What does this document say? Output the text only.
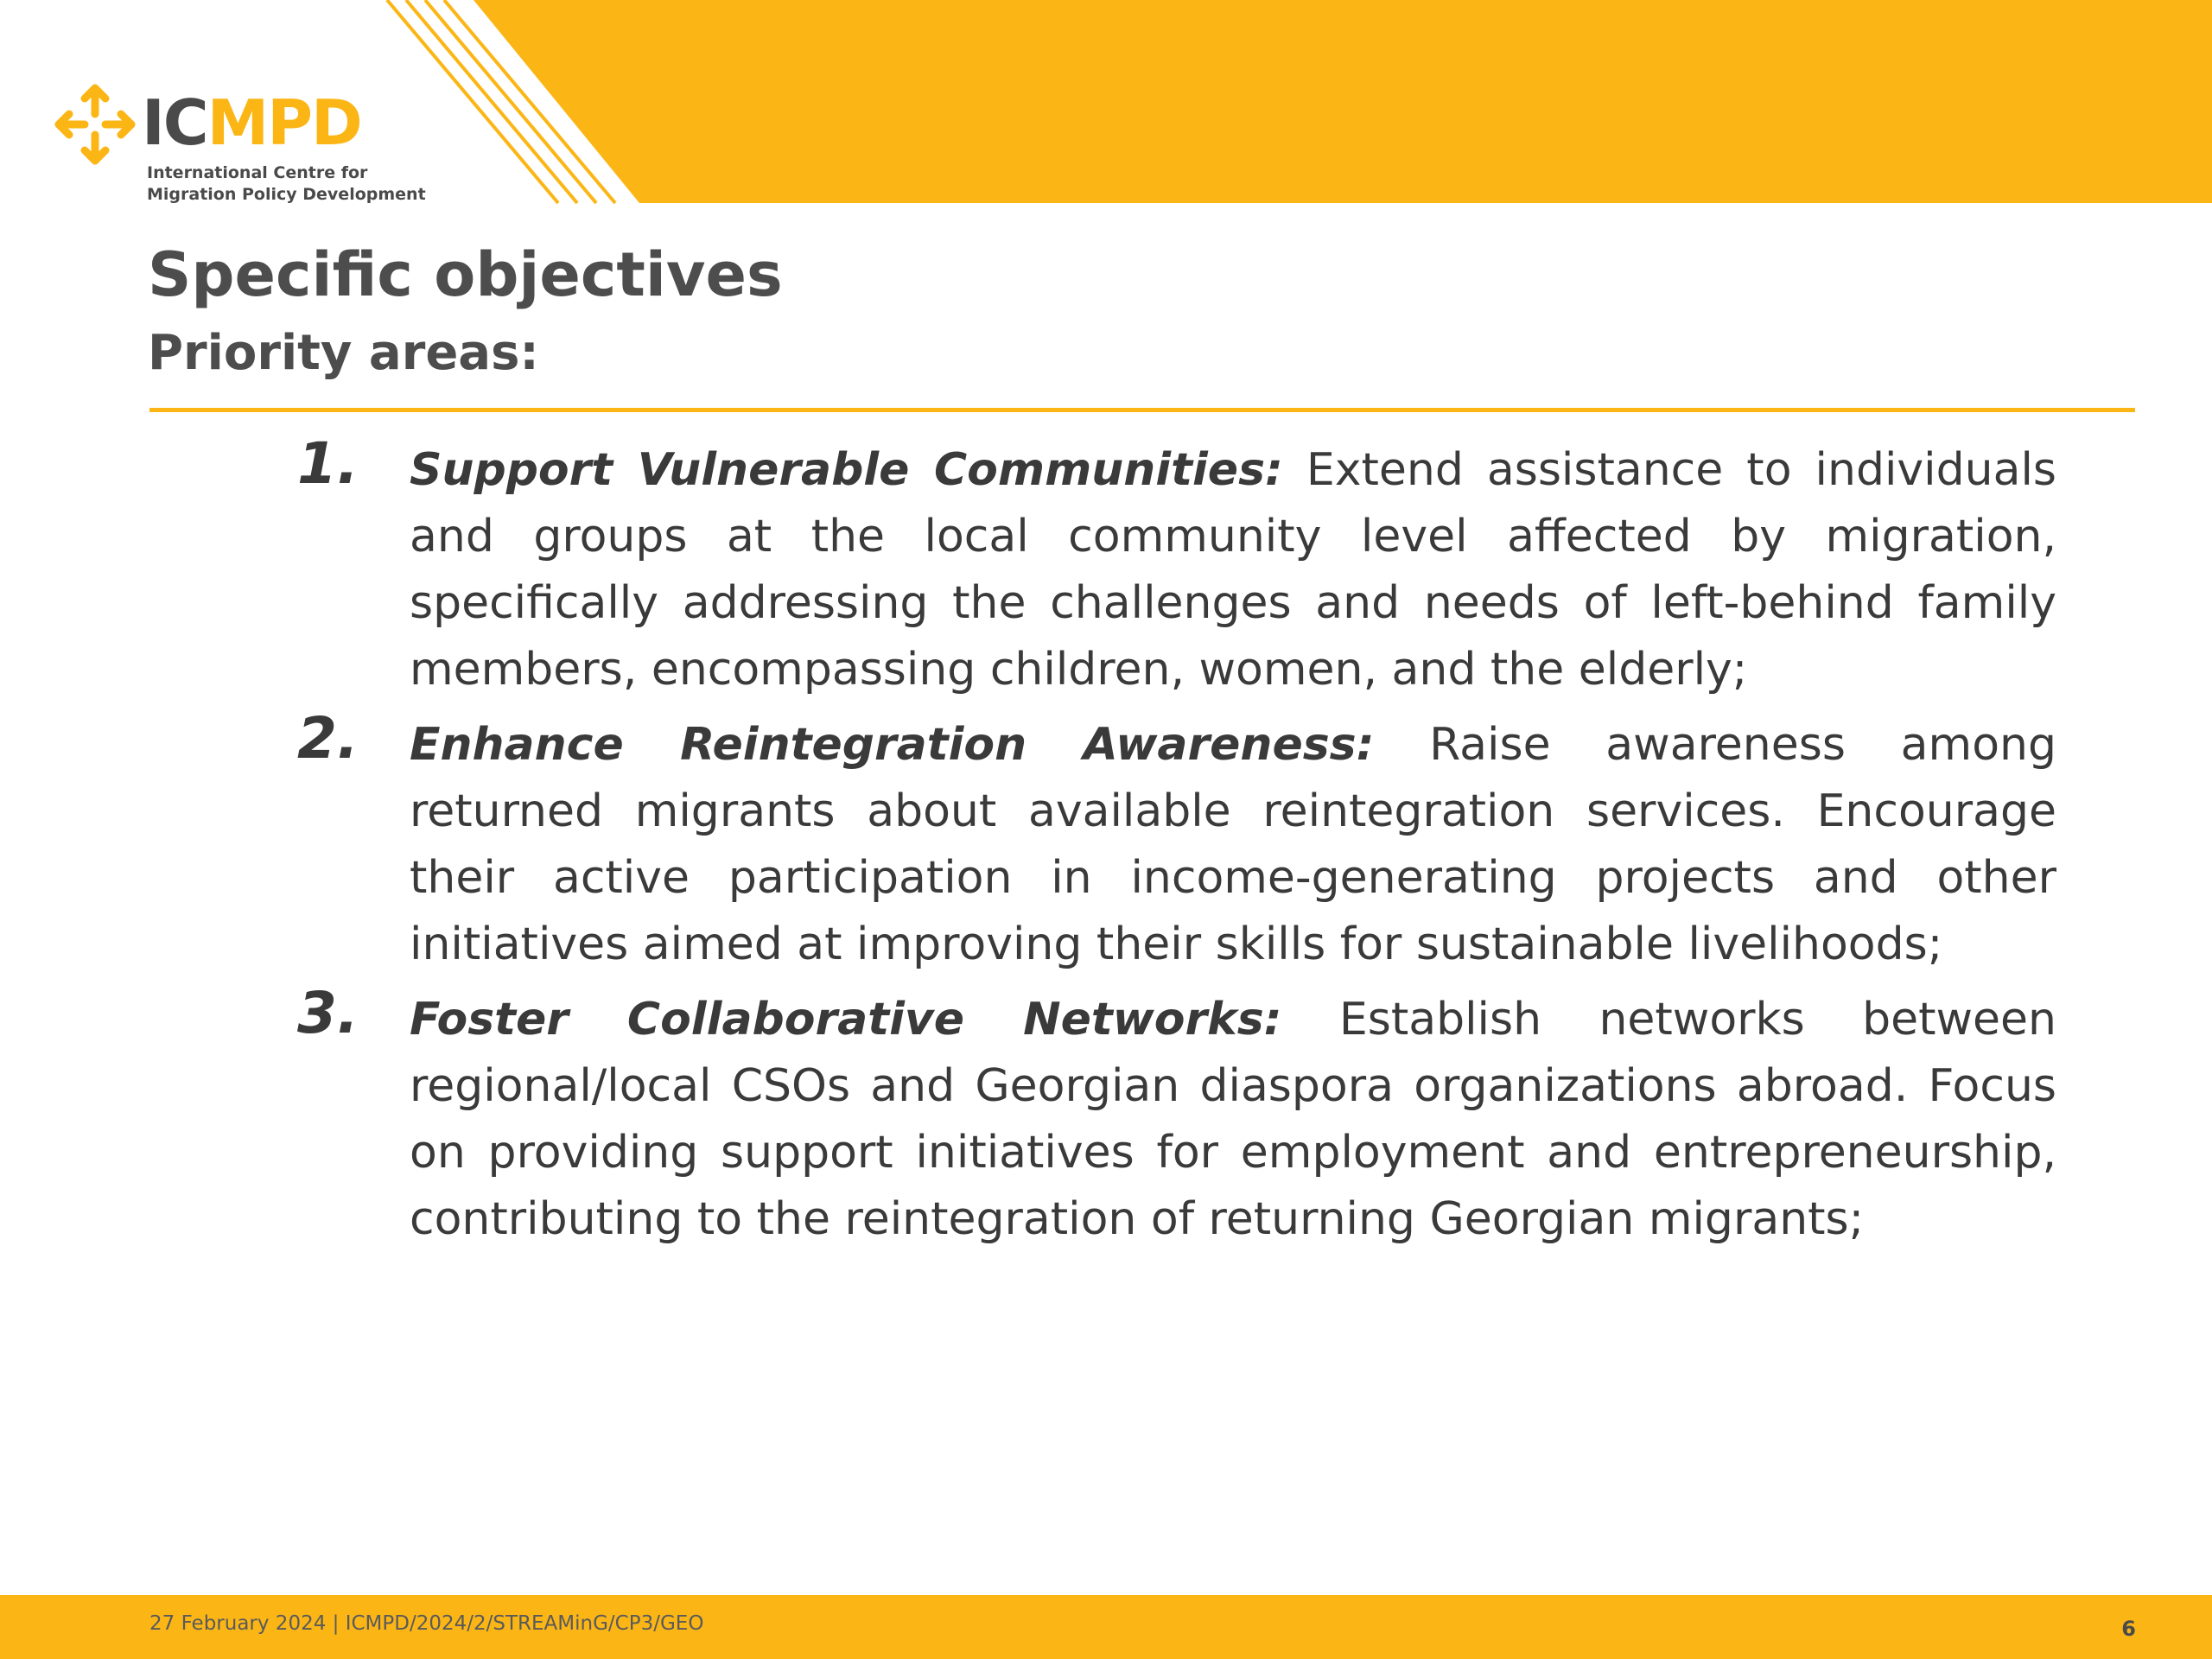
ICMPD
International Centre for
Migration Policy Development
Specific objectives
Priority areas:
1. Support Vulnerable Communities: Extend assistance to individuals and groups at the local community level affected by migration, specifically addressing the challenges and needs of left-behind family members, encompassing children, women, and the elderly;
2. Enhance Reintegration Awareness: Raise awareness among returned migrants about available reintegration services. Encourage their active participation in income-generating projects and other initiatives aimed at improving their skills for sustainable livelihoods;
3. Foster Collaborative Networks: Establish networks between regional/local CSOs and Georgian diaspora organizations abroad. Focus on providing support initiatives for employment and entrepreneurship, contributing to the reintegration of returning Georgian migrants;
27 February 2024 | ICMPD/2024/2/STREAMinG/CP3/GEO	6
